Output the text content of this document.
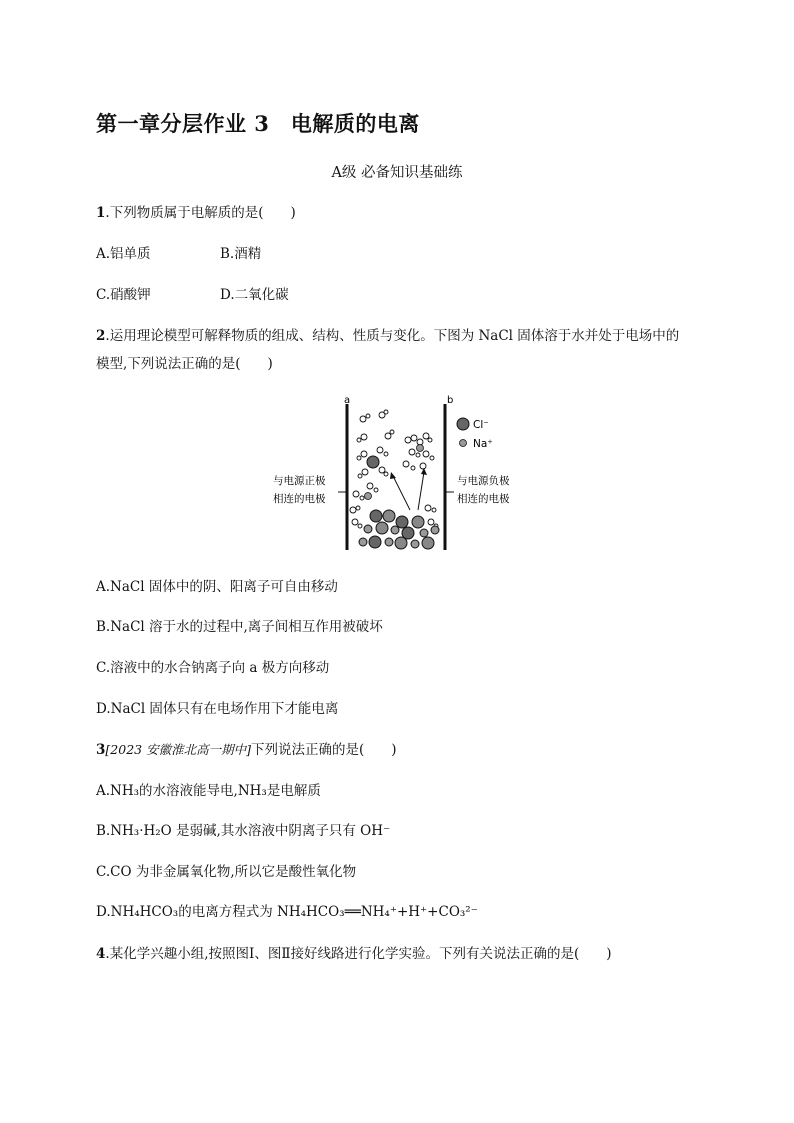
第一章分层作业 3　电解质的电离
A级 必备知识基础练
1.下列物质属于电解质的是(　　)
A.铝单质	B.酒精
C.硝酸钾	D.二氧化碳
2.运用理论模型可解释物质的组成、结构、性质与变化。下图为 NaCl 固体溶于水并处于电场中的
模型,下列说法正确的是(　　)
a	b
Cl⁻
Na⁺
与电源正极
相连的电极
与电源负极
相连的电极
A.NaCl 固体中的阴、阳离子可自由移动
B.NaCl 溶于水的过程中,离子间相互作用被破坏
C.溶液中的水合钠离子向 a 极方向移动
D.NaCl 固体只有在电场作用下才能电离
3[2023 安徽淮北高一期中]下列说法正确的是(　　)
A.NH₃的水溶液能导电,NH₃是电解质
B.NH₃·H₂O 是弱碱,其水溶液中阴离子只有 OH⁻
C.CO 为非金属氧化物,所以它是酸性氧化物
D.NH₄HCO₃的电离方程式为 NH₄HCO₃══NH₄⁺+H⁺+CO₃²⁻
4.某化学兴趣小组,按照图Ⅰ、图Ⅱ接好线路进行化学实验。下列有关说法正确的是(　　)
